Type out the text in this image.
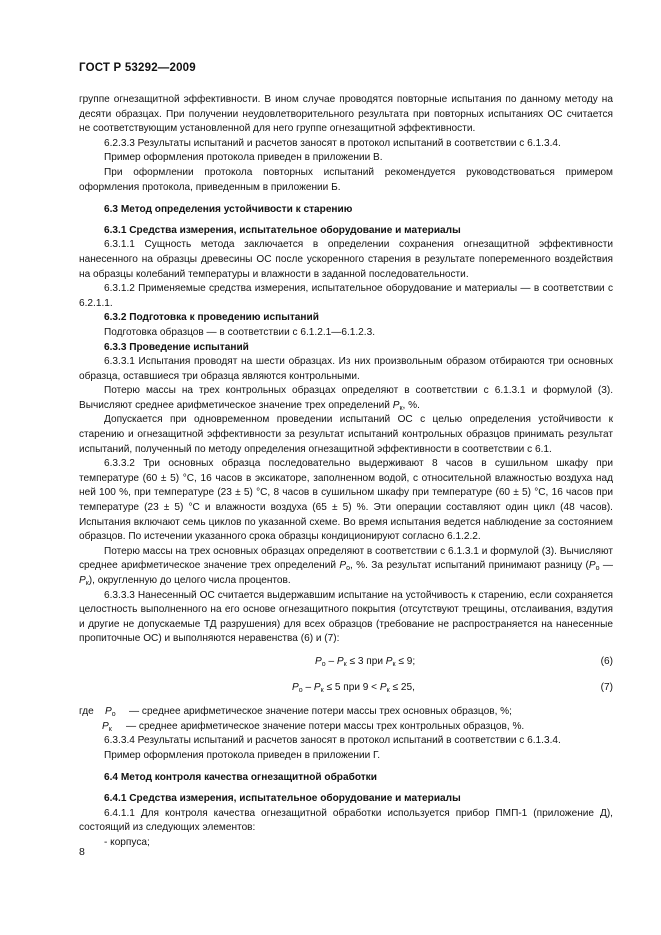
ГОСТ Р 53292—2009

группе огнезащитной эффективности. В ином случае проводятся повторные испытания по данному методу на десяти образцах. При получении неудовлетворительного результата при повторных испытаниях ОС считается не соответствующим установленной для него группе огнезащитной эффективности.

6.2.3.3 Результаты испытаний и расчетов заносят в протокол испытаний в соответствии с 6.1.3.4.

Пример оформления протокола приведен в приложении В.

При оформлении протокола повторных испытаний рекомендуется руководствоваться примером оформления протокола, приведенным в приложении Б.

6.3 Метод определения устойчивости к старению

6.3.1 Средства измерения, испытательное оборудование и материалы

6.3.1.1 Сущность метода заключается в определении сохранения огнезащитной эффективности нанесенного на образцы древесины ОС после ускоренного старения в результате попеременного воздействия на образцы колебаний температуры и влажности в заданной последовательности.

6.3.1.2 Применяемые средства измерения, испытательное оборудование и материалы — в соответствии с 6.2.1.1.

6.3.2 Подготовка к проведению испытаний

Подготовка образцов — в соответствии с 6.1.2.1—6.1.2.3.

6.3.3 Проведение испытаний

6.3.3.1 Испытания проводят на шести образцах. Из них произвольным образом отбираются три основных образца, оставшиеся три образца являются контрольными.

Потерю массы на трех контрольных образцах определяют в соответствии с 6.1.3.1 и формулой (3). Вычисляют среднее арифметическое значение трех определений $P_к$, %.

Допускается при одновременном проведении испытаний ОС с целью определения устойчивости к старению и огнезащитной эффективности за результат испытаний контрольных образцов принимать результат испытаний, полученный по методу определения огнезащитной эффективности в соответствии с 6.1.

6.3.3.2 Три основных образца последовательно выдерживают 8 часов в сушильном шкафу при температуре (60 ± 5) °С, 16 часов в эксикаторе, заполненном водой, с относительной влажностью воздуха над ней 100 %, при температуре (23 ± 5) °С, 8 часов в сушильном шкафу при температуре (60 ± 5) °С, 16 часов при температуре (23 ± 5) °С и влажности воздуха (65 ± 5) %. Эти операции составляют один цикл (48 часов). Испытания включают семь циклов по указанной схеме. Во время испытания ведется наблюдение за состоянием образцов. По истечении указанного срока образцы кондиционируют согласно 6.1.2.2.

Потерю массы на трех основных образцах определяют в соответствии с 6.1.3.1 и формулой (3). Вычисляют среднее арифметическое значение трех определений $P_о$, %. За результат испытаний принимают разницу ($P_о$ — $P_к$), округленную до целого числа процентов.

6.3.3.3 Нанесенный ОС считается выдержавшим испытание на устойчивость к старению, если сохраняется целостность выполненного на его основе огнезащитного покрытия (отсутствуют трещины, отслаивания, вздутия и другие не допускаемые ТД разрушения) для всех образцов (требование не распространяется на нанесенные пропиточные ОС) и выполняются неравенства (6) и (7):

$P_о - P_к \le 3$ при $P_к \le 9$;	(6)
$P_о - P_к \le 5$ при $9 < P_к \le 25$,	(7)
где $P_о$ — среднее арифметическое значение потери массы трех основных образцов, %;
$P_к$ — среднее арифметическое значение потери массы трех контрольных образцов, %.

6.3.3.4 Результаты испытаний и расчетов заносят в протокол испытаний в соответствии с 6.1.3.4.

Пример оформления протокола приведен в приложении Г.

6.4 Метод контроля качества огнезащитной обработки

6.4.1 Средства измерения, испытательное оборудование и материалы

6.4.1.1 Для контроля качества огнезащитной обработки используется прибор ПМП-1 (приложение Д), состоящий из следующих элементов:

- корпуса;

8
